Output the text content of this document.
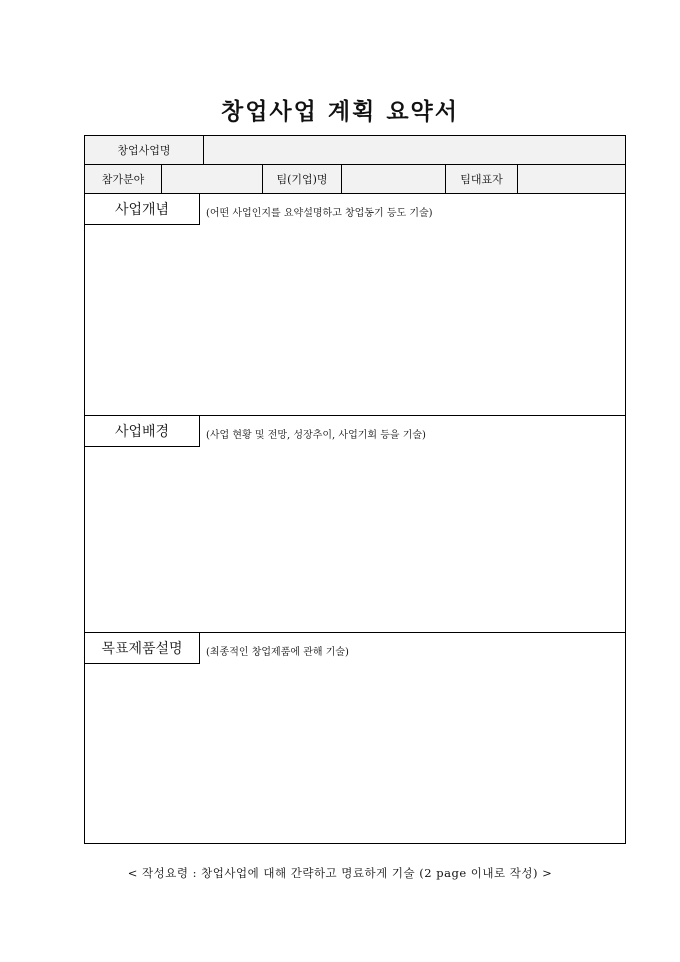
창업사업 계획 요약서
창업사업명
참가분야	팀(기업)명	팀대표자
사업개념	(어떤 사업인지를 요약설명하고 창업동기 등도 기술)
사업배경	(사업 현황 및 전망, 성장추이, 사업기회 등을 기술)
목표제품설명	(최종적인 창업제품에 관해 기술)
< 작성요령 : 창업사업에 대해 간략하고 명료하게 기술 (2 page 이내로 작성) >
